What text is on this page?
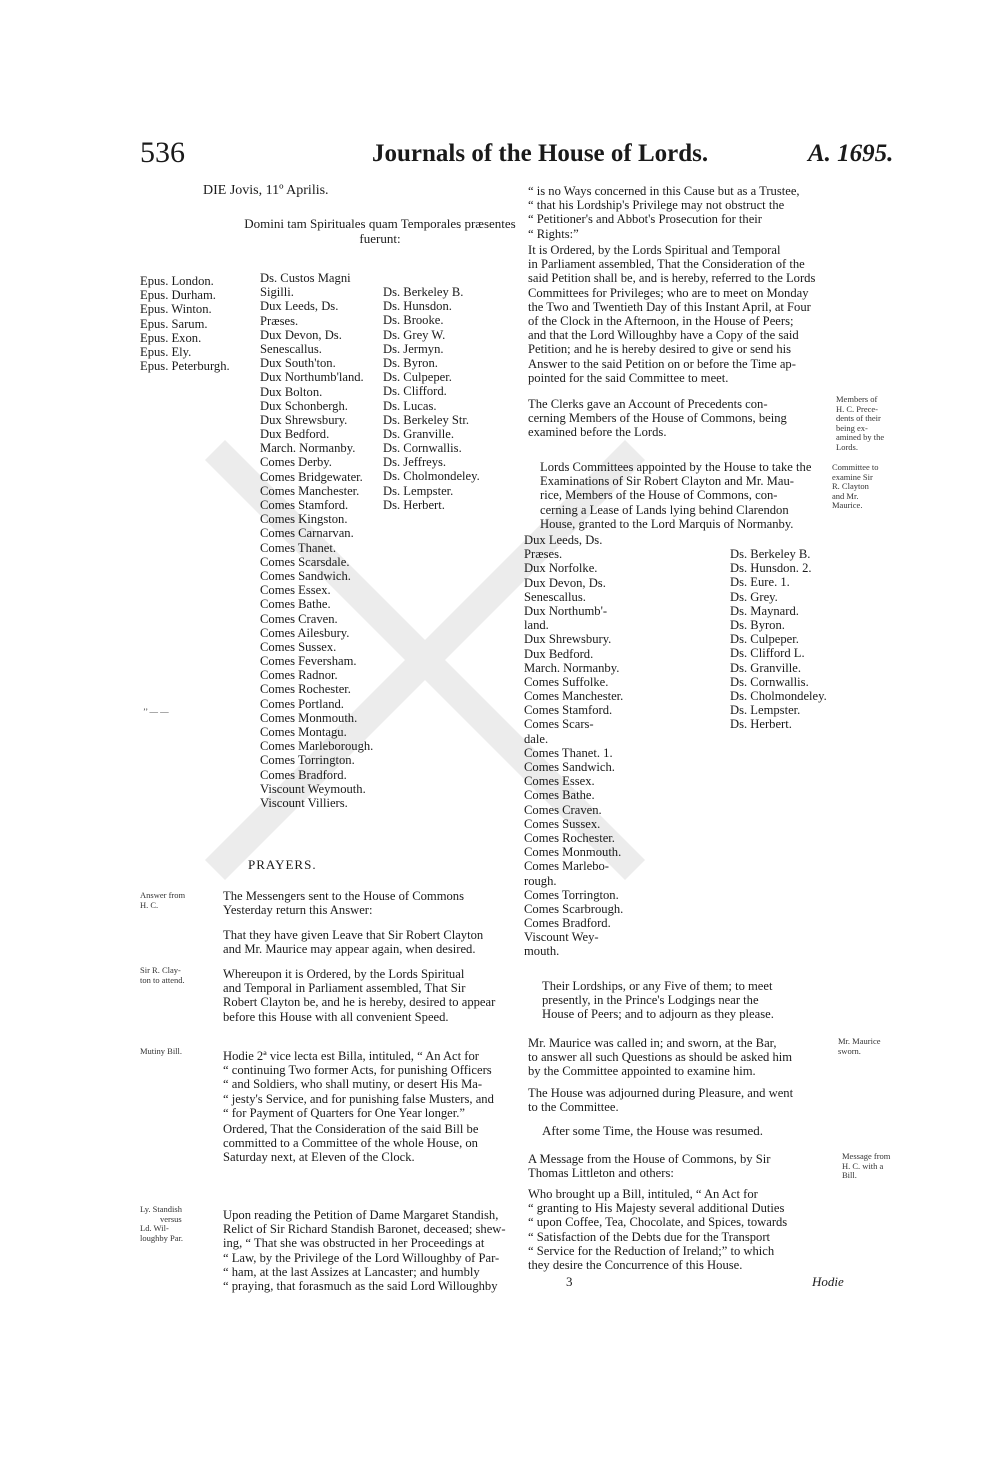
536	Journals of the House of Lords.	A. 1695.
DIE Jovis, 11º Aprilis.
Domini tam Spirituales quam Temporales præsentes
fuerunt:
Epus. London.
Epus. Durham.
Epus. Winton.
Epus. Sarum.
Epus. Exon.
Epus. Ely.
Epus. Peterburgh.
Ds. Custos Magni
Sigilli.
Dux Leeds, Ds.
Præses.
Dux Devon, Ds.
Senescallus.
Dux South'ton.
Dux Northumb'land.
Dux Bolton.
Dux Schonbergh.
Dux Shrewsbury.
Dux Bedford.
March. Normanby.
Comes Derby.
Comes Bridgewater.
Comes Manchester.
Comes Stamford.
Comes Kingston.
Comes Carnarvan.
Comes Thanet.
Comes Scarsdale.
Comes Sandwich.
Comes Essex.
Comes Bathe.
Comes Craven.
Comes Ailesbury.
Comes Sussex.
Comes Feversham.
Comes Radnor.
Comes Rochester.
Comes Portland.
Comes Monmouth.
Comes Montagu.
Comes Marleborough.
Comes Torrington.
Comes Bradford.
Viscount Weymouth.
Viscount Villiers.
Ds. Berkeley B.
Ds. Hunsdon.
Ds. Brooke.
Ds. Grey W.
Ds. Jermyn.
Ds. Byron.
Ds. Culpeper.
Ds. Clifford.
Ds. Lucas.
Ds. Berkeley Str.
Ds. Granville.
Ds. Cornwallis.
Ds. Jeffreys.
Ds. Cholmondeley.
Ds. Lempster.
Ds. Herbert.
’’ — —
Answer from
H. C.
Sir R. Clay-
ton to attend.
Mutiny Bill.
Ly. Standish
versus
Ld. Wil-
loughby Par.
PRAYERS.
The Messengers sent to the House of Commons
Yesterday return this Answer:
That they have given Leave that Sir Robert Clayton
and Mr. Maurice may appear again, when desired.
Whereupon it is Ordered, by the Lords Spiritual
and Temporal in Parliament assembled, That Sir
Robert Clayton be, and he is hereby, desired to appear
before this House with all convenient Speed.
Hodie 2ª vice lecta est Billa, intituled, “ An Act for
“ continuing Two former Acts, for punishing Officers
“ and Soldiers, who shall mutiny, or desert His Ma-
“ jesty's Service, and for punishing false Musters, and
“ for Payment of Quarters for One Year longer.”
Ordered, That the Consideration of the said Bill be
committed to a Committee of the whole House, on
Saturday next, at Eleven of the Clock.
Upon reading the Petition of Dame Margaret Standish,
Relict of Sir Richard Standish Baronet, deceased; shew-
ing, “ That she was obstructed in her Proceedings at
“ Law, by the Privilege of the Lord Willoughby of Par-
“ ham, at the last Assizes at Lancaster; and humbly
“ praying, that forasmuch as the said Lord Willoughby
“ is no Ways concerned in this Cause but as a Trustee,
“ that his Lordship's Privilege may not obstruct the
“ Petitioner's and Abbot's Prosecution for their
“ Rights:”
It is Ordered, by the Lords Spiritual and Temporal
in Parliament assembled, That the Consideration of the
said Petition shall be, and is hereby, referred to the Lords
Committees for Privileges; who are to meet on Monday
the Two and Twentieth Day of this Instant April, at Four
of the Clock in the Afternoon, in the House of Peers;
and that the Lord Willoughby have a Copy of the said
Petition; and he is hereby desired to give or send his
Answer to the said Petition on or before the Time ap-
pointed for the said Committee to meet.
The Clerks gave an Account of Precedents con-
cerning Members of the House of Commons, being
examined before the Lords.
Lords Committees appointed by the House to take the
Examinations of Sir Robert Clayton and Mr. Mau-
rice, Members of the House of Commons, con-
cerning a Lease of Lands lying behind Clarendon
House, granted to the Lord Marquis of Normanby.
Dux Leeds, Ds.
Præses.
Dux Norfolke.
Dux Devon, Ds.
Senescallus.
Dux Northumb'-
land.
Dux Shrewsbury.
Dux Bedford.
March. Normanby.
Comes Suffolke.
Comes Manchester.
Comes Stamford.
Comes Scars-
dale.
Comes Thanet. 1.
Comes Sandwich.
Comes Essex.
Comes Bathe.
Comes Craven.
Comes Sussex.
Comes Rochester.
Comes Monmouth.
Comes Marlebo-
rough.
Comes Torrington.
Comes Scarbrough.
Comes Bradford.
Viscount Wey-
mouth.
Ds. Berkeley B.
Ds. Hunsdon. 2.
Ds. Eure. 1.
Ds. Grey.
Ds. Maynard.
Ds. Byron.
Ds. Culpeper.
Ds. Clifford L.
Ds. Granville.
Ds. Cornwallis.
Ds. Cholmondeley.
Ds. Lempster.
Ds. Herbert.
Their Lordships, or any Five of them; to meet
presently, in the Prince's Lodgings near the
House of Peers; and to adjourn as they please.
Mr. Maurice was called in; and sworn, at the Bar,
to answer all such Questions as should be asked him
by the Committee appointed to examine him.
The House was adjourned during Pleasure, and went
to the Committee.
After some Time, the House was resumed.
A Message from the House of Commons, by Sir
Thomas Littleton and others:
Who brought up a Bill, intituled, “ An Act for
“ granting to His Majesty several additional Duties
“ upon Coffee, Tea, Chocolate, and Spices, towards
“ Satisfaction of the Debts due for the Transport
“ Service for the Reduction of Ireland;” to which
they desire the Concurrence of this House.
Members of
H. C. Prece-
dents of their
being ex-
amined by the
Lords.
Committee to
examine Sir
R. Clayton
and Mr.
Maurice.
Mr. Maurice
sworn.
Message from
H. C. with a
Bill.
3	Hodie
